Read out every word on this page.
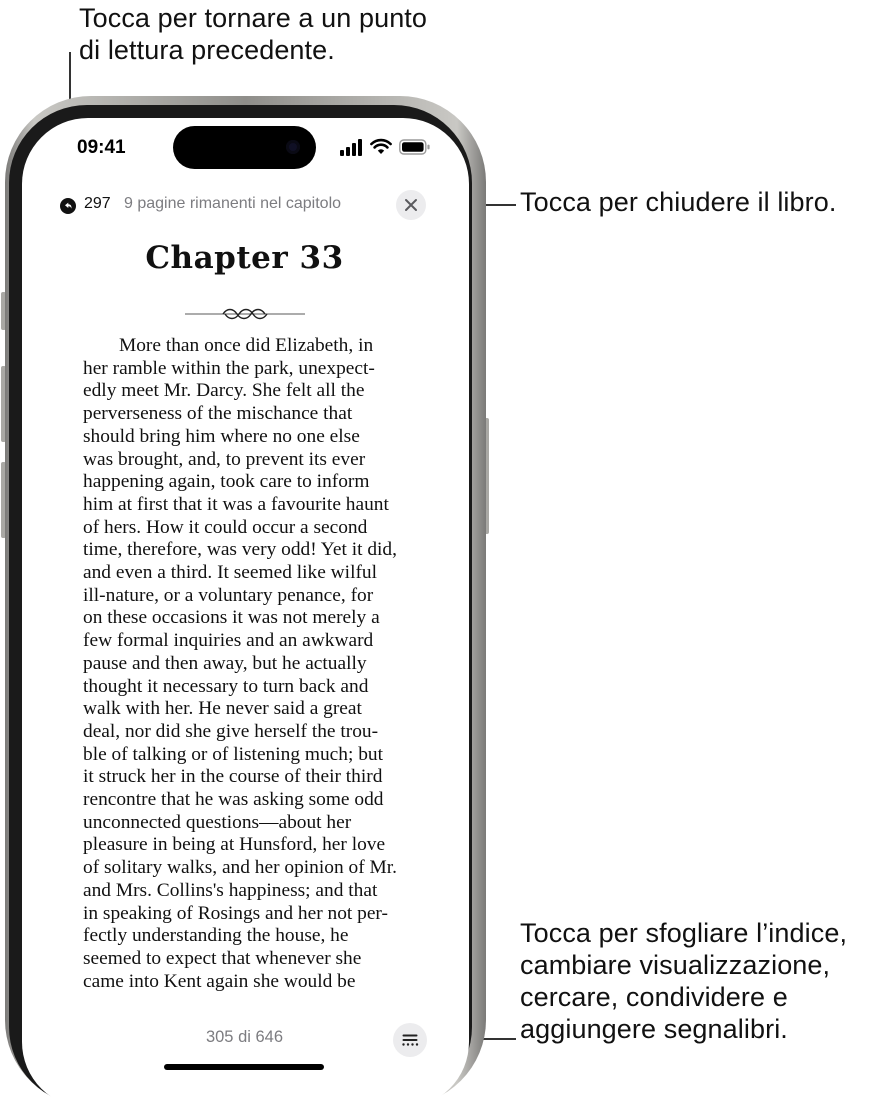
Tocca per tornare a un punto
di lettura precedente.
Tocca per chiudere il libro.
Tocca per sfogliare l’indice,
cambiare visualizzazione,
cercare, condividere e
aggiungere segnalibri.
09:41
297 9 pagine rimanenti nel capitolo
Chapter 33
More than once did Elizabeth, in
her ramble within the park, unexpect-
edly meet Mr. Darcy. She felt all the
perverseness of the mischance that
should bring him where no one else
was brought, and, to prevent its ever
happening again, took care to inform
him at first that it was a favourite haunt
of hers. How it could occur a second
time, therefore, was very odd! Yet it did,
and even a third. It seemed like wilful
ill-nature, or a voluntary penance, for
on these occasions it was not merely a
few formal inquiries and an awkward
pause and then away, but he actually
thought it necessary to turn back and
walk with her. He never said a great
deal, nor did she give herself the trou-
ble of talking or of listening much; but
it struck her in the course of their third
rencontre that he was asking some odd
unconnected questions—about her
pleasure in being at Hunsford, her love
of solitary walks, and her opinion of Mr.
and Mrs. Collins's happiness; and that
in speaking of Rosings and her not per-
fectly understanding the house, he
seemed to expect that whenever she
came into Kent again she would be
305 di 646
